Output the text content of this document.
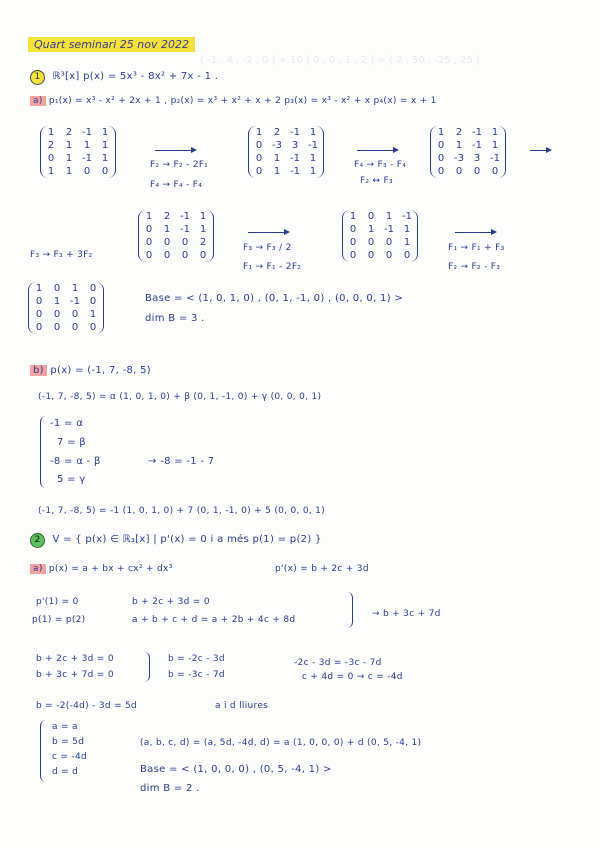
( -1 , 4 , -2 , 0 ) + 10 ( 0 , 0 , 1 , 2 ) = ( 2 , 50 , -25 , 25 )
Quart seminari 25 nov 2022
1 ℝ³[x] p(x) = 5x³ - 8x² + 7x - 1 .
a) p₁(x) = x³ - x² + 2x + 1 , p₂(x) = x³ + x² + x + 2 p₃(x) = x³ - x² + x p₄(x) = x + 1
1 2 -1 1
2 1 1 1
0 1 -1 1
1 1 0 0
F₂ → F₂ - 2F₁
F₄ → F₄ - F₄
1 2 -1 1
0 -3 3 -1
0 1 -1 1
0 1 -1 1
F₄ → F₃ - F₄
F₂ ↔ F₃
1 2 -1 1
0 1 -1 1
0 -3 3 -1
0 0 0 0
F₃ → F₃ + 3F₂
1 2 -1 1
0 1 -1 1
0 0 0 2
0 0 0 0
F₃ → F₃ / 2
F₁ → F₁ - 2F₂
1 0 1 -1
0 1 -1 1
0 0 0 1
0 0 0 0
F₁ → F₁ + F₃
F₂ → F₂ - F₃
1 0 1 0
0 1 -1 0
0 0 0 1
0 0 0 0
Base = < (1, 0, 1, 0) , (0, 1, -1, 0) , (0, 0, 0, 1) >
dim B = 3 .
b) p(x) = (-1, 7, -8, 5)
(-1, 7, -8, 5) = α (1, 0, 1, 0) + β (0, 1, -1, 0) + γ (0, 0, 0, 1)
-1 = α
7 = β
-8 = α - β
5 = γ
→ -8 = -1 - 7
(-1, 7, -8, 5) = -1 (1, 0, 1, 0) + 7 (0, 1, -1, 0) + 5 (0, 0, 0, 1)
2 V = { p(x) ∈ ℝ₃[x] | p'(x) = 0 i a més p(1) = p(2) }
a) p(x) = a + bx + cx² + dx³	p'(x) = b + 2c + 3d
p'(1) = 0	b + 2c + 3d = 0
p(1) = p(2)	a + b + c + d = a + 2b + 4c + 8d
→ b + 3c + 7d
b + 2c + 3d = 0
b + 3c + 7d = 0
b = -2c - 3d
b = -3c - 7d
-2c - 3d = -3c - 7d
c + 4d = 0 → c = -4d
b = -2(-4d) - 3d = 5d	a i d lliures
a = a
b = 5d
c = -4d
d = d
(a, b, c, d) = (a, 5d, -4d, d) = a (1, 0, 0, 0) + d (0, 5, -4, 1)
Base = < (1, 0, 0, 0) , (0, 5, -4, 1) >
dim B = 2 .
